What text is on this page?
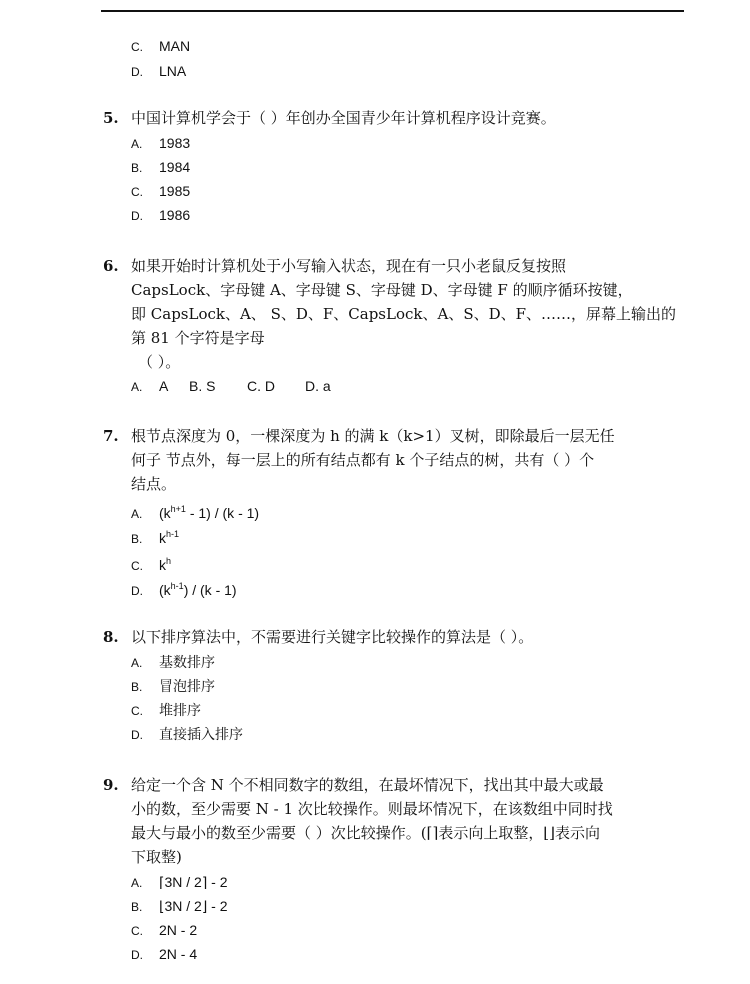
C. MAN
D. LNA
5. 中国计算机学会于（ ）年创办全国青少年计算机程序设计竞赛。
A. 1983
B. 1984
C. 1985
D. 1986
6. 如果开始时计算机处于小写输入状态，现在有一只小老鼠反复按照
CapsLock、字母键 A、字母键 S、字母键 D、字母键 F 的顺序循环按键，
即 CapsLock、A、 S、D、F、CapsLock、A、S、D、F、……，屏幕上输出的
第 81 个字符是字母
（ ）。
A. A B. S C. D D. a
7. 根节点深度为 0，一棵深度为 h 的满 k（k>1）叉树，即除最后一层无任
何子 节点外，每一层上的所有结点都有 k 个子结点的树，共有（ ）个
结点。
A. $(k^{h+1} - 1) / (k - 1)$
B. $k^{h-1}$
C. $k^h$
D. $(k^{h-1}) / (k - 1)$
8. 以下排序算法中，不需要进行关键字比较操作的算法是（ ）。
A. 基数排序
B. 冒泡排序
C. 堆排序
D. 直接插入排序
9. 给定一个含 N 个不相同数字的数组，在最坏情况下，找出其中最大或最
小的数，至少需要 N - 1 次比较操作。则最坏情况下，在该数组中同时找
最大与最小的数至少需要（ ）次比较操作。(⌈⌉表示向上取整，⌊⌋表示向
下取整)
A. ⌈3N / 2⌉ - 2
B. ⌊3N / 2⌋ - 2
C. 2N - 2
D. 2N - 4
